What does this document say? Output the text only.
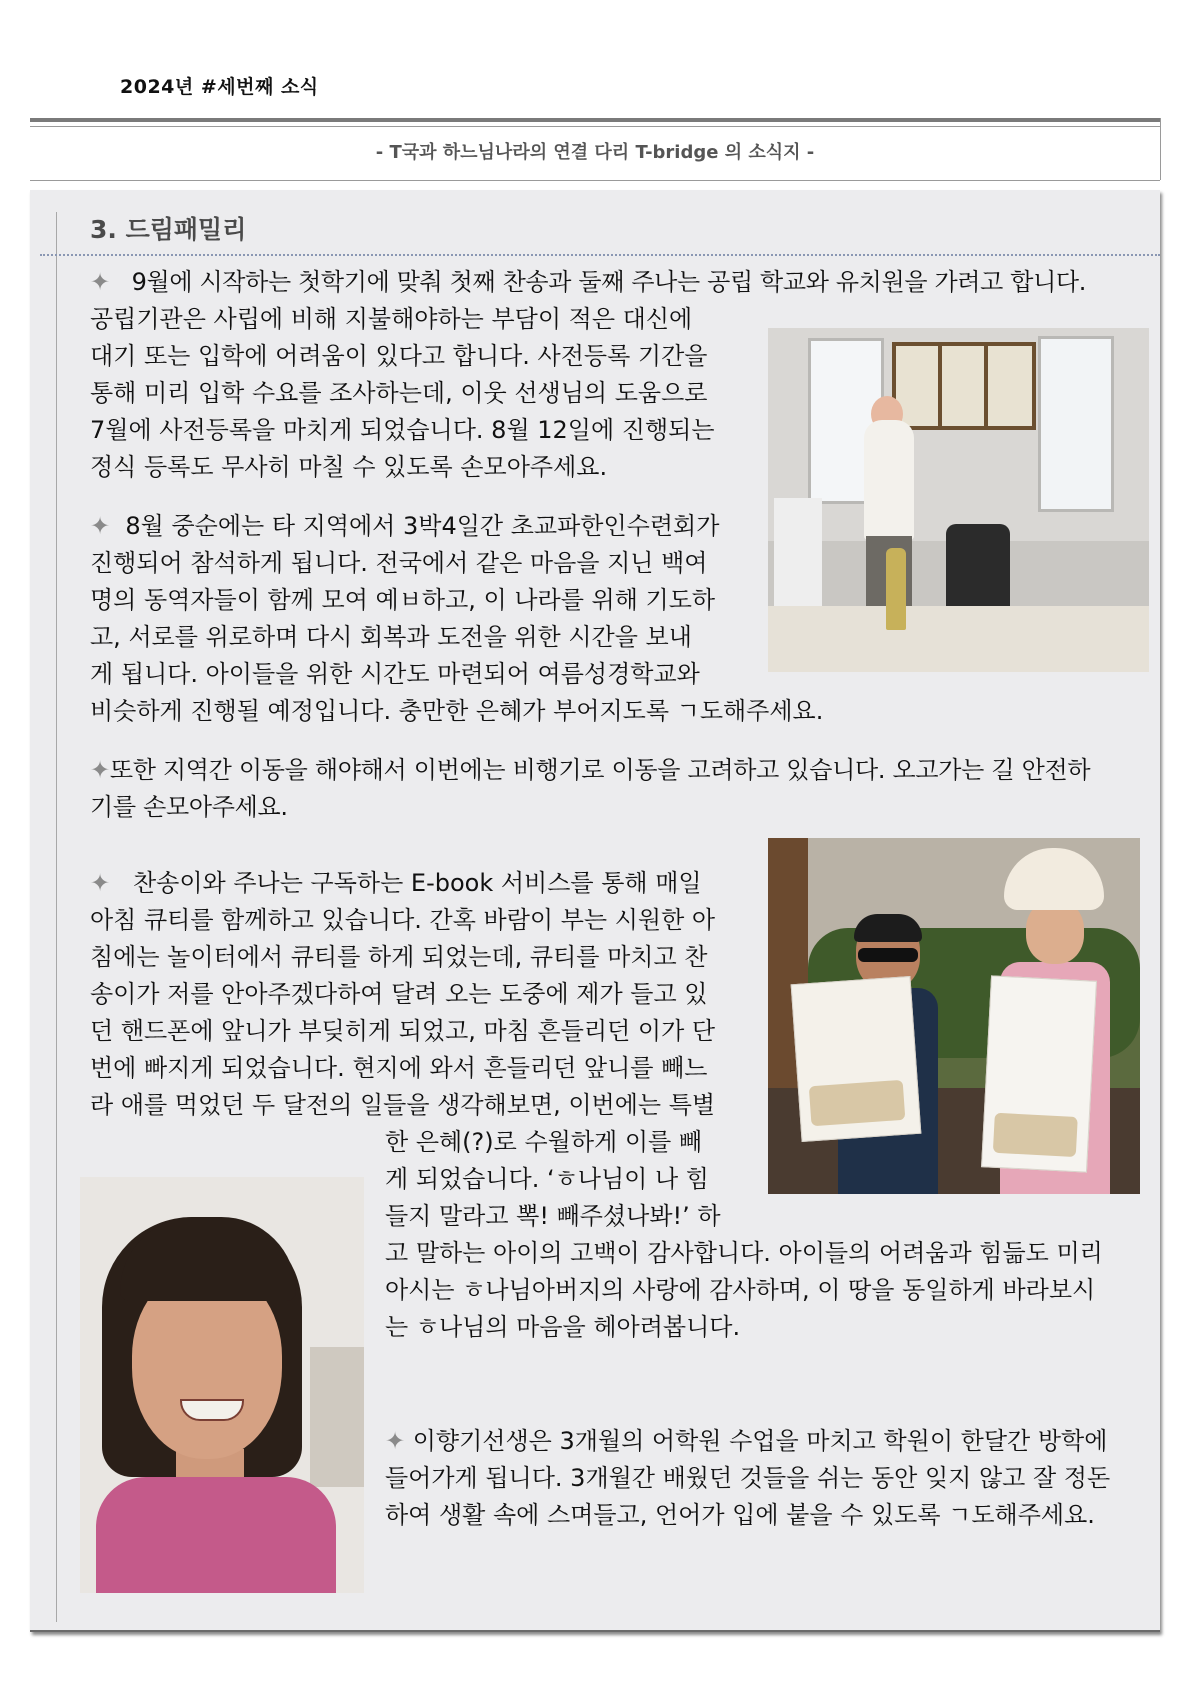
2024년 #세번째 소식
- T국과 하느님나라의 연결 다리 T-bridge 의 소식지 -
3. 드림패밀리

✦ 9월에 시작하는 첫학기에 맞춰 첫째 찬송과 둘째 주나는 공립 학교와 유치원을 가려고 합니다.

공립기관은 사립에 비해 지불해야하는 부담이 적은 대신에
대기 또는 입학에 어려움이 있다고 합니다. 사전등록 기간을
통해 미리 입학 수요를 조사하는데, 이웃 선생님의 도움으로
7월에 사전등록을 마치게 되었습니다. 8월 12일에 진행되는
정식 등록도 무사히 마칠 수 있도록 손모아주세요.
✦ 8월 중순에는 타 지역에서 3박4일간 초교파한인수련회가
진행되어 참석하게 됩니다. 전국에서 같은 마음을 지닌 백여
명의 동역자들이 함께 모여 예ㅂ하고, 이 나라를 위해 기도하
고, 서로를 위로하며 다시 회복과 도전을 위한 시간을 보내
게 됩니다. 아이들을 위한 시간도 마련되어 여름성경학교와
비슷하게 진행될 예정입니다. 충만한 은혜가 부어지도록 ㄱ도해주세요.
✦또한 지역간 이동을 해야해서 이번에는 비행기로 이동을 고려하고 있습니다. 오고가는 길 안전하
기를 손모아주세요.
✦ 찬송이와 주나는 구독하는 E-book 서비스를 통해 매일
아침 큐티를 함께하고 있습니다. 간혹 바람이 부는 시원한 아
침에는 놀이터에서 큐티를 하게 되었는데, 큐티를 마치고 찬
송이가 저를 안아주겠다하여 달려 오는 도중에 제가 들고 있
던 핸드폰에 앞니가 부딪히게 되었고, 마침 흔들리던 이가 단
번에 빠지게 되었습니다. 현지에 와서 흔들리던 앞니를 빼느
라 애를 먹었던 두 달전의 일들을 생각해보면, 이번에는 특별
한 은혜(?)로 수월하게 이를 빼
게 되었습니다. ‘ㅎ나님이 나 힘
들지 말라고 뽁! 빼주셨나봐!’ 하
고 말하는 아이의 고백이 감사합니다. 아이들의 어려움과 힘듦도 미리
아시는 ㅎ나님아버지의 사랑에 감사하며, 이 땅을 동일하게 바라보시
는 ㅎ나님의 마음을 헤아려봅니다.
✦ 이향기선생은 3개월의 어학원 수업을 마치고 학원이 한달간 방학에
들어가게 됩니다. 3개월간 배웠던 것들을 쉬는 동안 잊지 않고 잘 정돈
하여 생활 속에 스며들고, 언어가 입에 붙을 수 있도록 ㄱ도해주세요.
